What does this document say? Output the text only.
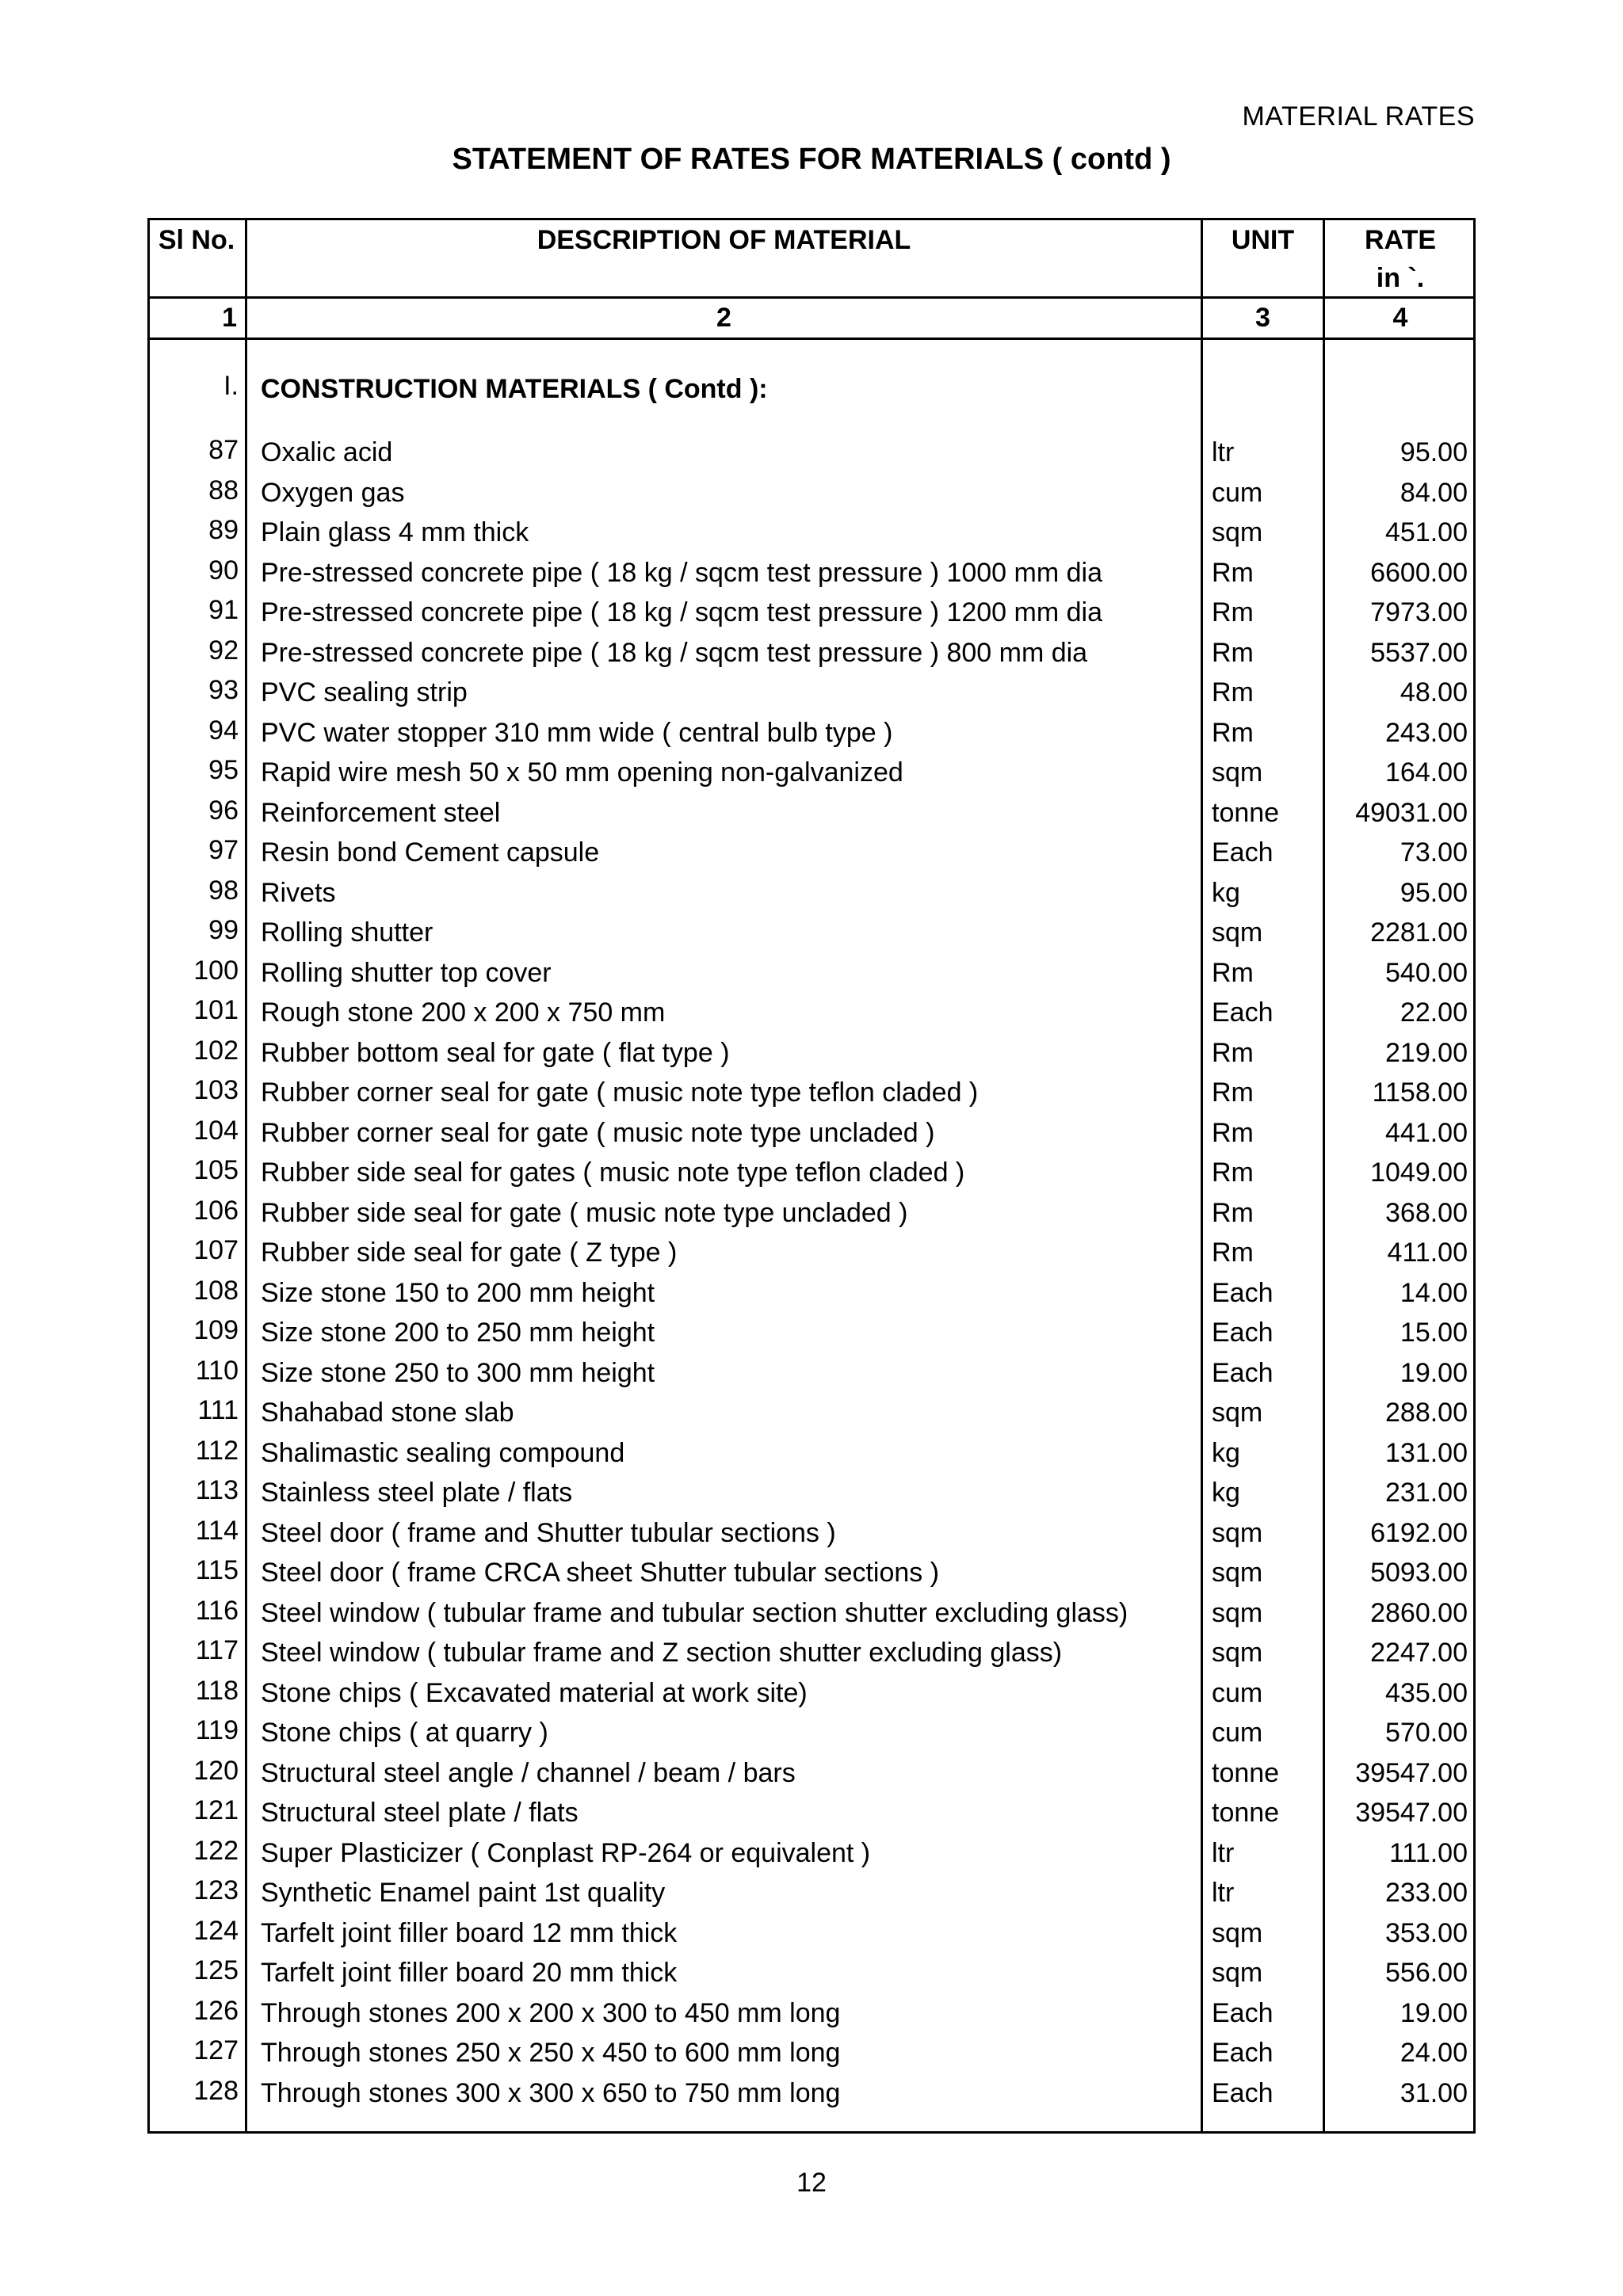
MATERIAL RATES
STATEMENT OF RATES FOR MATERIALS ( contd )
Sl No.	DESCRIPTION OF MATERIAL	UNIT	RATE
in `.
1	2	3	4
I. CONSTRUCTION MATERIALS ( Contd ):
87 Oxalic acid	ltr	95.00
88 Oxygen gas	cum	84.00
89 Plain glass 4 mm thick	sqm	451.00
90 Pre-stressed concrete pipe ( 18 kg / sqcm test pressure ) 1000 mm dia	Rm	6600.00
91 Pre-stressed concrete pipe ( 18 kg / sqcm test pressure ) 1200 mm dia	Rm	7973.00
92 Pre-stressed concrete pipe ( 18 kg / sqcm test pressure ) 800 mm dia	Rm	5537.00
93 PVC sealing strip	Rm	48.00
94 PVC water stopper 310 mm wide ( central bulb type )	Rm	243.00
95 Rapid wire mesh 50 x 50 mm opening non-galvanized	sqm	164.00
96 Reinforcement steel	tonne	49031.00
97 Resin bond Cement capsule	Each	73.00
98 Rivets	kg	95.00
99 Rolling shutter	sqm	2281.00
100 Rolling shutter top cover	Rm	540.00
101 Rough stone 200 x 200 x 750 mm	Each	22.00
102 Rubber bottom seal for gate ( flat type )	Rm	219.00
103 Rubber corner seal for gate ( music note type teflon claded )	Rm	1158.00
104 Rubber corner seal for gate ( music note type uncladed )	Rm	441.00
105 Rubber side seal for gates ( music note type teflon claded )	Rm	1049.00
106 Rubber side seal for gate ( music note type uncladed )	Rm	368.00
107 Rubber side seal for gate ( Z type )	Rm	411.00
108 Size stone 150 to 200 mm height	Each	14.00
109 Size stone 200 to 250 mm height	Each	15.00
110 Size stone 250 to 300 mm height	Each	19.00
111 Shahabad stone slab	sqm	288.00
112 Shalimastic sealing compound	kg	131.00
113 Stainless steel plate / flats	kg	231.00
114 Steel door ( frame and Shutter tubular sections )	sqm	6192.00
115 Steel door ( frame CRCA sheet Shutter tubular sections )	sqm	5093.00
116 Steel window ( tubular frame and tubular section shutter excluding glass)	sqm	2860.00
117 Steel window ( tubular frame and Z section shutter excluding glass)	sqm	2247.00
118 Stone chips ( Excavated material at work site)	cum	435.00
119 Stone chips ( at quarry )	cum	570.00
120 Structural steel angle / channel / beam / bars	tonne	39547.00
121 Structural steel plate / flats	tonne	39547.00
122 Super Plasticizer ( Conplast RP-264 or equivalent )	ltr	111.00
123 Synthetic Enamel paint 1st quality	ltr	233.00
124 Tarfelt joint filler board 12 mm thick	sqm	353.00
125 Tarfelt joint filler board 20 mm thick	sqm	556.00
126 Through stones 200 x 200 x 300 to 450 mm long	Each	19.00
127 Through stones 250 x 250 x 450 to 600 mm long	Each	24.00
128 Through stones 300 x 300 x 650 to 750 mm long	Each	31.00
12
